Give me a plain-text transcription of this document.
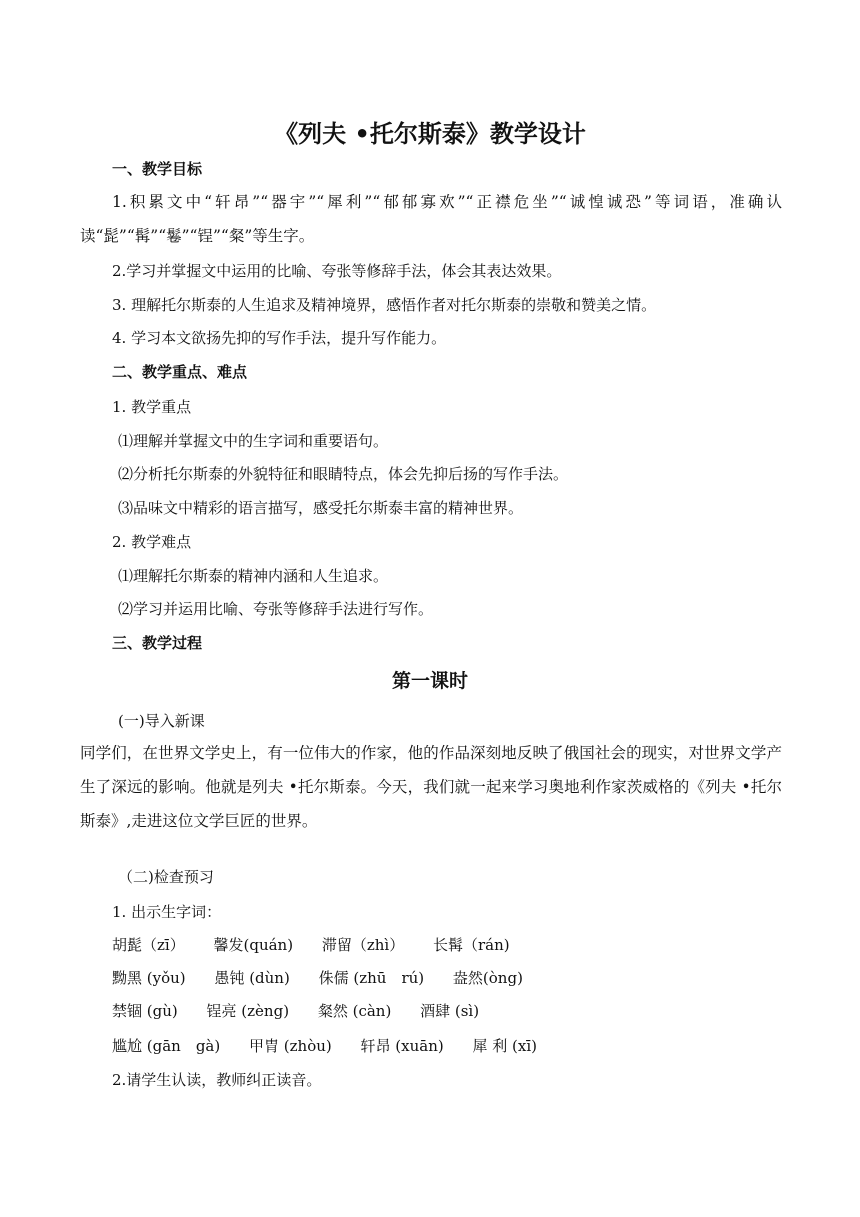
《列夫 •托尔斯泰》教学设计
一、教学目标
1.积累文中“轩昂”“器宇”“犀利”“郁郁寡欢”“正襟危坐”“诚惶诚恐”等词语，准确认读“髭”“髯”“鬈”“锃”“粲”等生字。
2.学习并掌握文中运用的比喻、夸张等修辞手法，体会其表达效果。
3. 理解托尔斯泰的人生追求及精神境界，感悟作者对托尔斯泰的崇敬和赞美之情。
4. 学习本文欲扬先抑的写作手法，提升写作能力。
二、教学重点、难点
1. 教学重点
⑴理解并掌握文中的生字词和重要语句。
⑵分析托尔斯泰的外貌特征和眼睛特点，体会先抑后扬的写作手法。
⑶品味文中精彩的语言描写，感受托尔斯泰丰富的精神世界。
2. 教学难点
⑴理解托尔斯泰的精神内涵和人生追求。
⑵学习并运用比喻、夸张等修辞手法进行写作。
三、教学过程
第一课时
(一)导入新课
同学们，在世界文学史上，有一位伟大的作家，他的作品深刻地反映了俄国社会的现实，对世界文学产生了深远的影响。他就是列夫 •托尔斯泰。今天，我们就一起来学习奥地利作家茨威格的《列夫 •托尔斯泰》,走进这位文学巨匠的世界。
（二)检查预习
1. 出示生字词：
胡髭（zī） 馨发(quán) 滞留（zhì） 长髯（rán)
黝黑 (yǒu) 愚钝 (dùn) 侏儒 (zhū　rú) 盎然(òng)
禁锢 (gù) 锃亮 (zèng) 粲然 (càn) 酒肆 (sì)
尴尬 (gān　gà) 甲胄 (zhòu) 轩昂 (xuān) 犀 利 (xī)
2.请学生认读，教师纠正读音。
